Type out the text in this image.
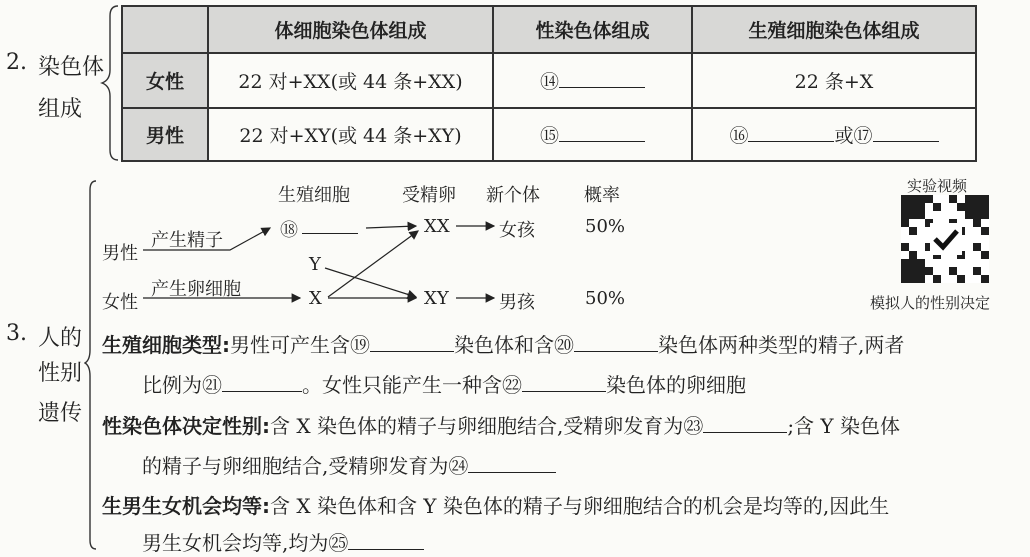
2. 染色体
组成
	体细胞染色体组成	性染色体组成	生殖细胞染色体组成
女性	22 对+XX(或 44 条+XX)	⑭	22 条+X
男性	22 对+XY(或 44 条+XY)	⑮	⑯ 或⑰
3. 人的
性别
遗传
生殖细胞	受精卵 新个体 概率
男性
女性
产生精子
产生卵细胞
⑱
Y
X
XX
XY
女孩
男孩
50%
50%
实验视频
模拟人的性别决定
生殖细胞类型:男性可产生含⑲	染色体和含⑳	染色体两种类型的精子,两者
比例为㉑	。女性只能产生一种含㉒	染色体的卵细胞
性染色体决定性别:含 X 染色体的精子与卵细胞结合,受精卵发育为㉓	;含 Y 染色体
的精子与卵细胞结合,受精卵发育为㉔
生男生女机会均等:含 X 染色体和含 Y 染色体的精子与卵细胞结合的机会是均等的,因此生
男生女机会均等,均为㉕
